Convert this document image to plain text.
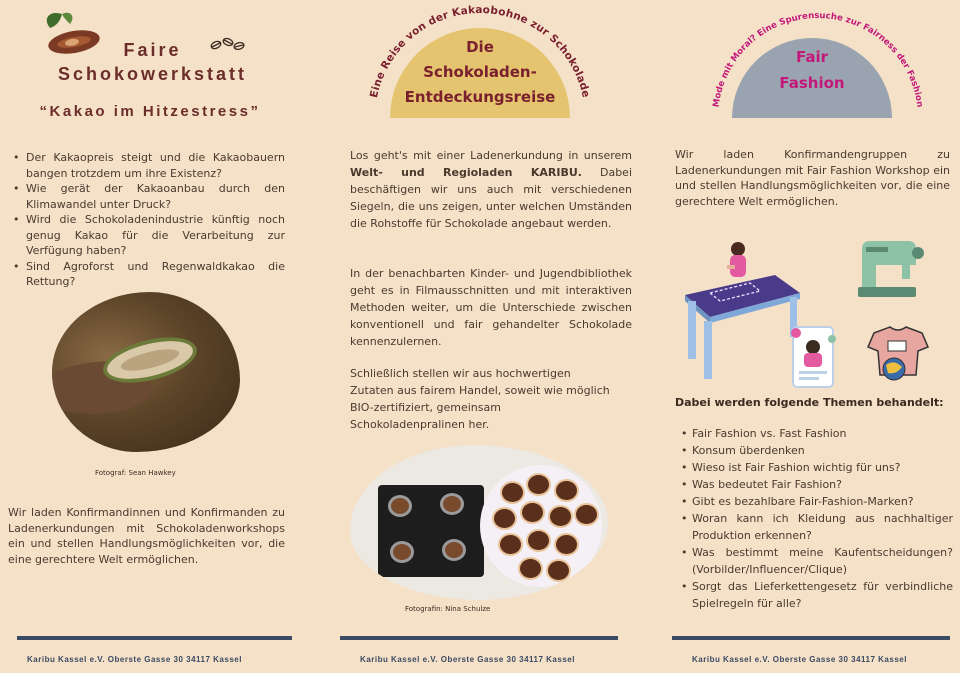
Faire Schokowerkstatt
“Kakao im Hitzestress”
• Der Kakaopreis steigt und die Kakaobauern bangen trotzdem um ihre Existenz?
• Wie gerät der Kakaoanbau durch den Klimawandel unter Druck?
• Wird die Schokoladenindustrie künftig noch genug Kakao für die Verarbeitung zur Verfügung haben?
• Sind Agroforst und Regenwaldkakao die Rettung?
Fotograf: Sean Hawkey

Wir laden Konfirmandinnen und Konfirmanden zu Ladenerkundungen mit Schokoladenworkshops ein und stellen Handlungsmöglichkeiten vor, die eine gerechtere Welt ermöglichen.

Karibu Kassel e.V. Oberste Gasse 30 34117 Kassel
Eine Reise von der Kakaobohne zur Schokolade
Die
Schokoladen-
Entdeckungsreise

Los geht's mit einer Ladenerkundung in unserem Welt- und Regioladen KARIBU. Dabei beschäftigen wir uns auch mit verschiedenen Siegeln, die uns zeigen, unter welchen Umständen die Rohstoffe für Schokolade angebaut werden.

In der benachbarten Kinder- und Jugendbibliothek geht es in Filmausschnitten und mit interaktiven Methoden weiter, um die Unterschiede zwischen konventionell und fair gehandelter Schokolade kennenzulernen.

Schließlich stellen wir aus hochwertigen
Zutaten aus fairem Handel, soweit wie möglich
BIO-zertifiziert, gemeinsam
Schokoladenpralinen her.
Fotografin: Nina Schulze
Karibu Kassel e.V. Oberste Gasse 30 34117 Kassel
Mode mit Moral? Eine Spurensuche zur Fairness der Fashion
Fair
Fashion

Wir laden Konfirmandengruppen zu Ladenerkundungen mit Fair Fashion Workshop ein und stellen Handlungsmöglichkeiten vor, die eine gerechtere Welt ermöglichen.

Dabei werden folgende Themen behandelt:
• Fair Fashion vs. Fast Fashion
• Konsum überdenken
• Wieso ist Fair Fashion wichtig für uns?
• Was bedeutet Fair Fashion?
• Gibt es bezahlbare Fair-Fashion-Marken?
• Woran kann ich Kleidung aus nachhaltiger Produktion erkennen?
• Was bestimmt meine Kaufentscheidungen? (Vorbilder/Influencer/Clique)
• Sorgt das Lieferkettengesetz für verbindliche Spielregeln für alle?
Karibu Kassel e.V. Oberste Gasse 30 34117 Kassel
